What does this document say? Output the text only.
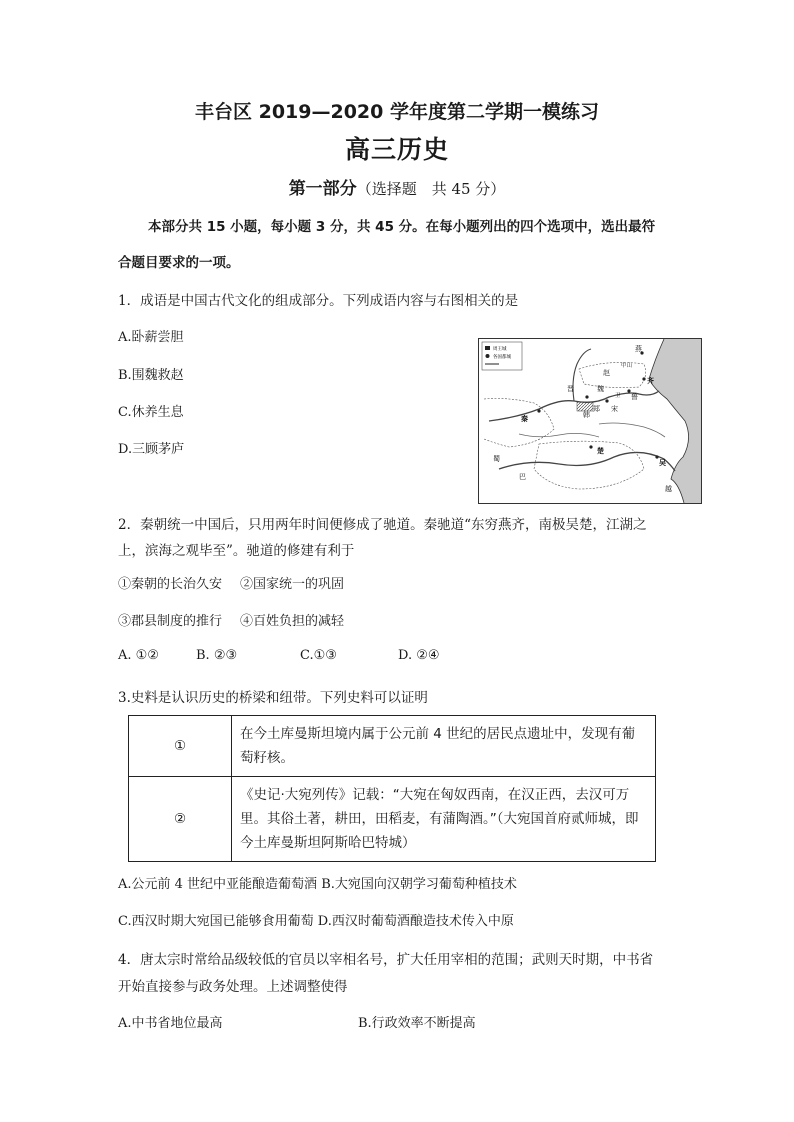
丰台区 2019—2020 学年度第二学期一模练习
高三历史
第一部分（选择题　共 45 分）
本部分共 15 小题，每小题 3 分，共 45 分。在每小题列出的四个选项中，选出最符
合题目要求的一项。
1．成语是中国古代文化的组成部分。下列成语内容与右图相关的是
A.卧薪尝胆
B.围魏救赵
C.休养生息
D.三顾茅庐
周王城
各国都城
燕
秦
晋
赵
魏
韩
郑 宋
鲁
齐
楚
蜀
巴
吴
越
卫
中山
2．秦朝统一中国后，只用两年时间便修成了驰道。秦驰道“东穷燕齐，南极吴楚，江湖之
上，滨海之观毕至”。驰道的修建有利于
①秦朝的长治久安 ②国家统一的巩固
③郡县制度的推行 ④百姓负担的减轻
A. ①②	B. ②③	C.①③	D. ②④
3.史料是认识历史的桥梁和纽带。下列史料可以证明
①	在今土库曼斯坦境内属于公元前 4 世纪的居民点遗址中，发现有葡萄籽核。
②	《史记·大宛列传》记载：“大宛在匈奴西南，在汉正西，去汉可万里。其俗土著，耕田，田稻麦，有蒲陶酒。”（大宛国首府贰师城，即今土库曼斯坦阿斯哈巴特城）
A.公元前 4 世纪中亚能酿造葡萄酒 B.大宛国向汉朝学习葡萄种植技术
C.西汉时期大宛国已能够食用葡萄 D.西汉时葡萄酒酿造技术传入中原
4．唐太宗时常给品级较低的官员以宰相名号，扩大任用宰相的范围；武则天时期，中书省
开始直接参与政务处理。上述调整使得
A.中书省地位最高	B.行政效率不断提高
